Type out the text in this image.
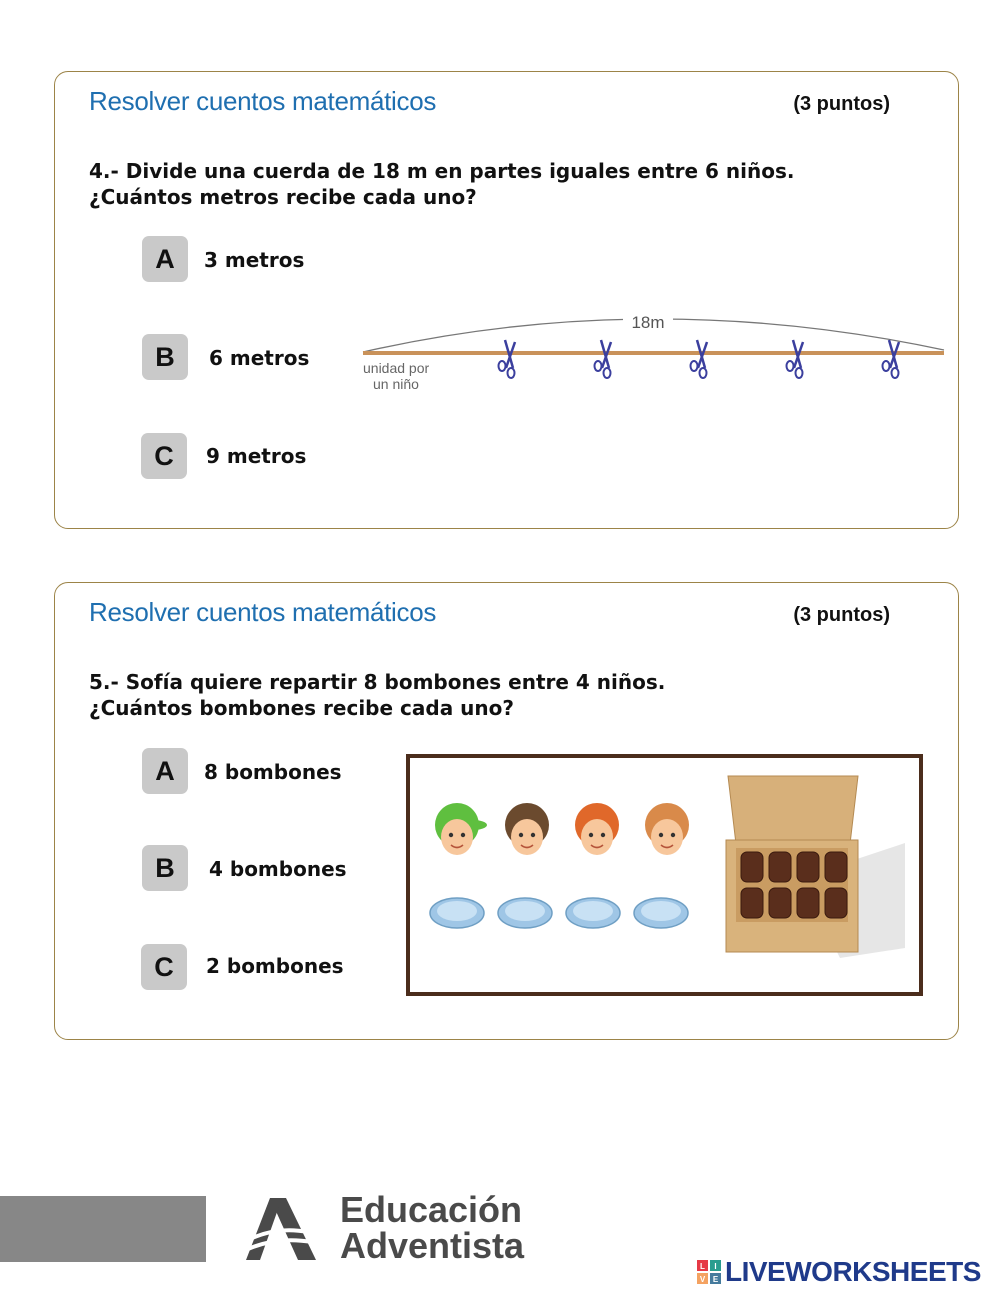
Resolver cuentos matemáticos	(3 puntos)
4.- Divide una cuerda de 18 m en partes iguales entre 6 niños.
¿Cuántos metros recibe cada uno?
A	3 metros
B	6 metros
C	9 metros
18m
unidad por
un niño
Resolver cuentos matemáticos	(3 puntos)
5.- Sofía quiere repartir 8 bombones entre 4 niños.
¿Cuántos bombones recibe cada uno?
A	8 bombones
B	4 bombones
C	2 bombones
Educación
Adventista
L I
V E LIVEWORKSHEETS
